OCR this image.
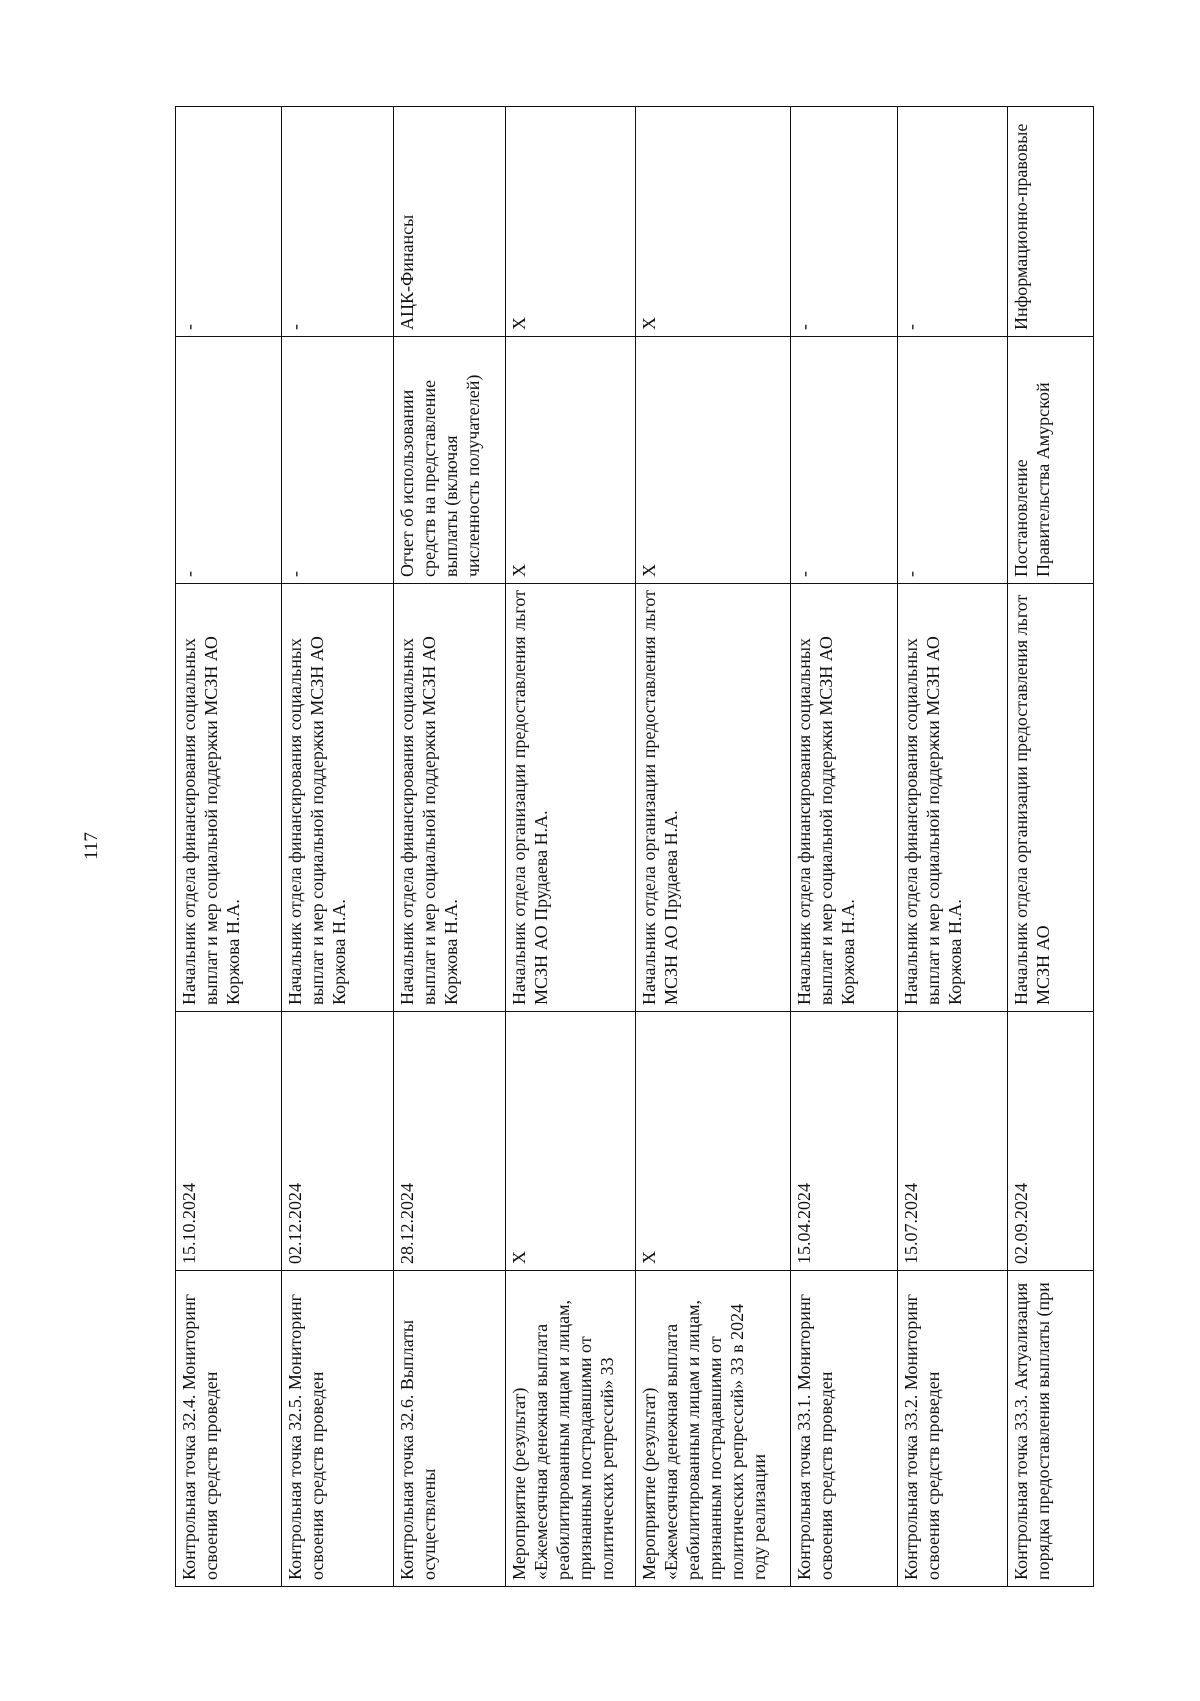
117
Контрольная точка 32.4. Мониторинг освоения средств проведен	15.10.2024	Начальник отдела финансирования социальных выплат и мер социальной поддержки МСЗН АО Коржова Н.А.	-	-
Контрольная точка 32.5. Мониторинг освоения средств проведен	02.12.2024	Начальник отдела финансирования социальных выплат и мер социальной поддержки МСЗН АО Коржова Н.А.	-	-
Контрольная точка 32.6. Выплаты осуществлены	28.12.2024	Начальник отдела финансирования социальных выплат и мер социальной поддержки МСЗН АО Коржова Н.А.	Отчет об использовании средств на представление выплаты (включая численность получателей)	АЦК-Финансы
Мероприятие (результат) «Ежемесячная денежная выплата реабилитированным лицам и лицам, признанным пострадавшими от политических репрессий» 33	X	Начальник отдела организации предоставления льгот МСЗН АО Прудаева Н.А.	X	X
Мероприятие (результат) «Ежемесячная денежная выплата реабилитированным лицам и лицам, признанным пострадавшими от политических репрессий» 33 в 2024 году реализации	X	Начальник отдела организации предоставления льгот МСЗН АО Прудаева Н.А.	X	X
Контрольная точка 33.1. Мониторинг освоения средств проведен	15.04.2024	Начальник отдела финансирования социальных выплат и мер социальной поддержки МСЗН АО Коржова Н.А.	-	-
Контрольная точка 33.2. Мониторинг освоения средств проведен	15.07.2024	Начальник отдела финансирования социальных выплат и мер социальной поддержки МСЗН АО Коржова Н.А.	-	-
Контрольная точка 33.3. Актуализация порядка предоставления выплаты (при	02.09.2024	Начальник отдела организации предоставления льгот МСЗН АО	Постановление Правительства Амурской	Информационно-правовые
